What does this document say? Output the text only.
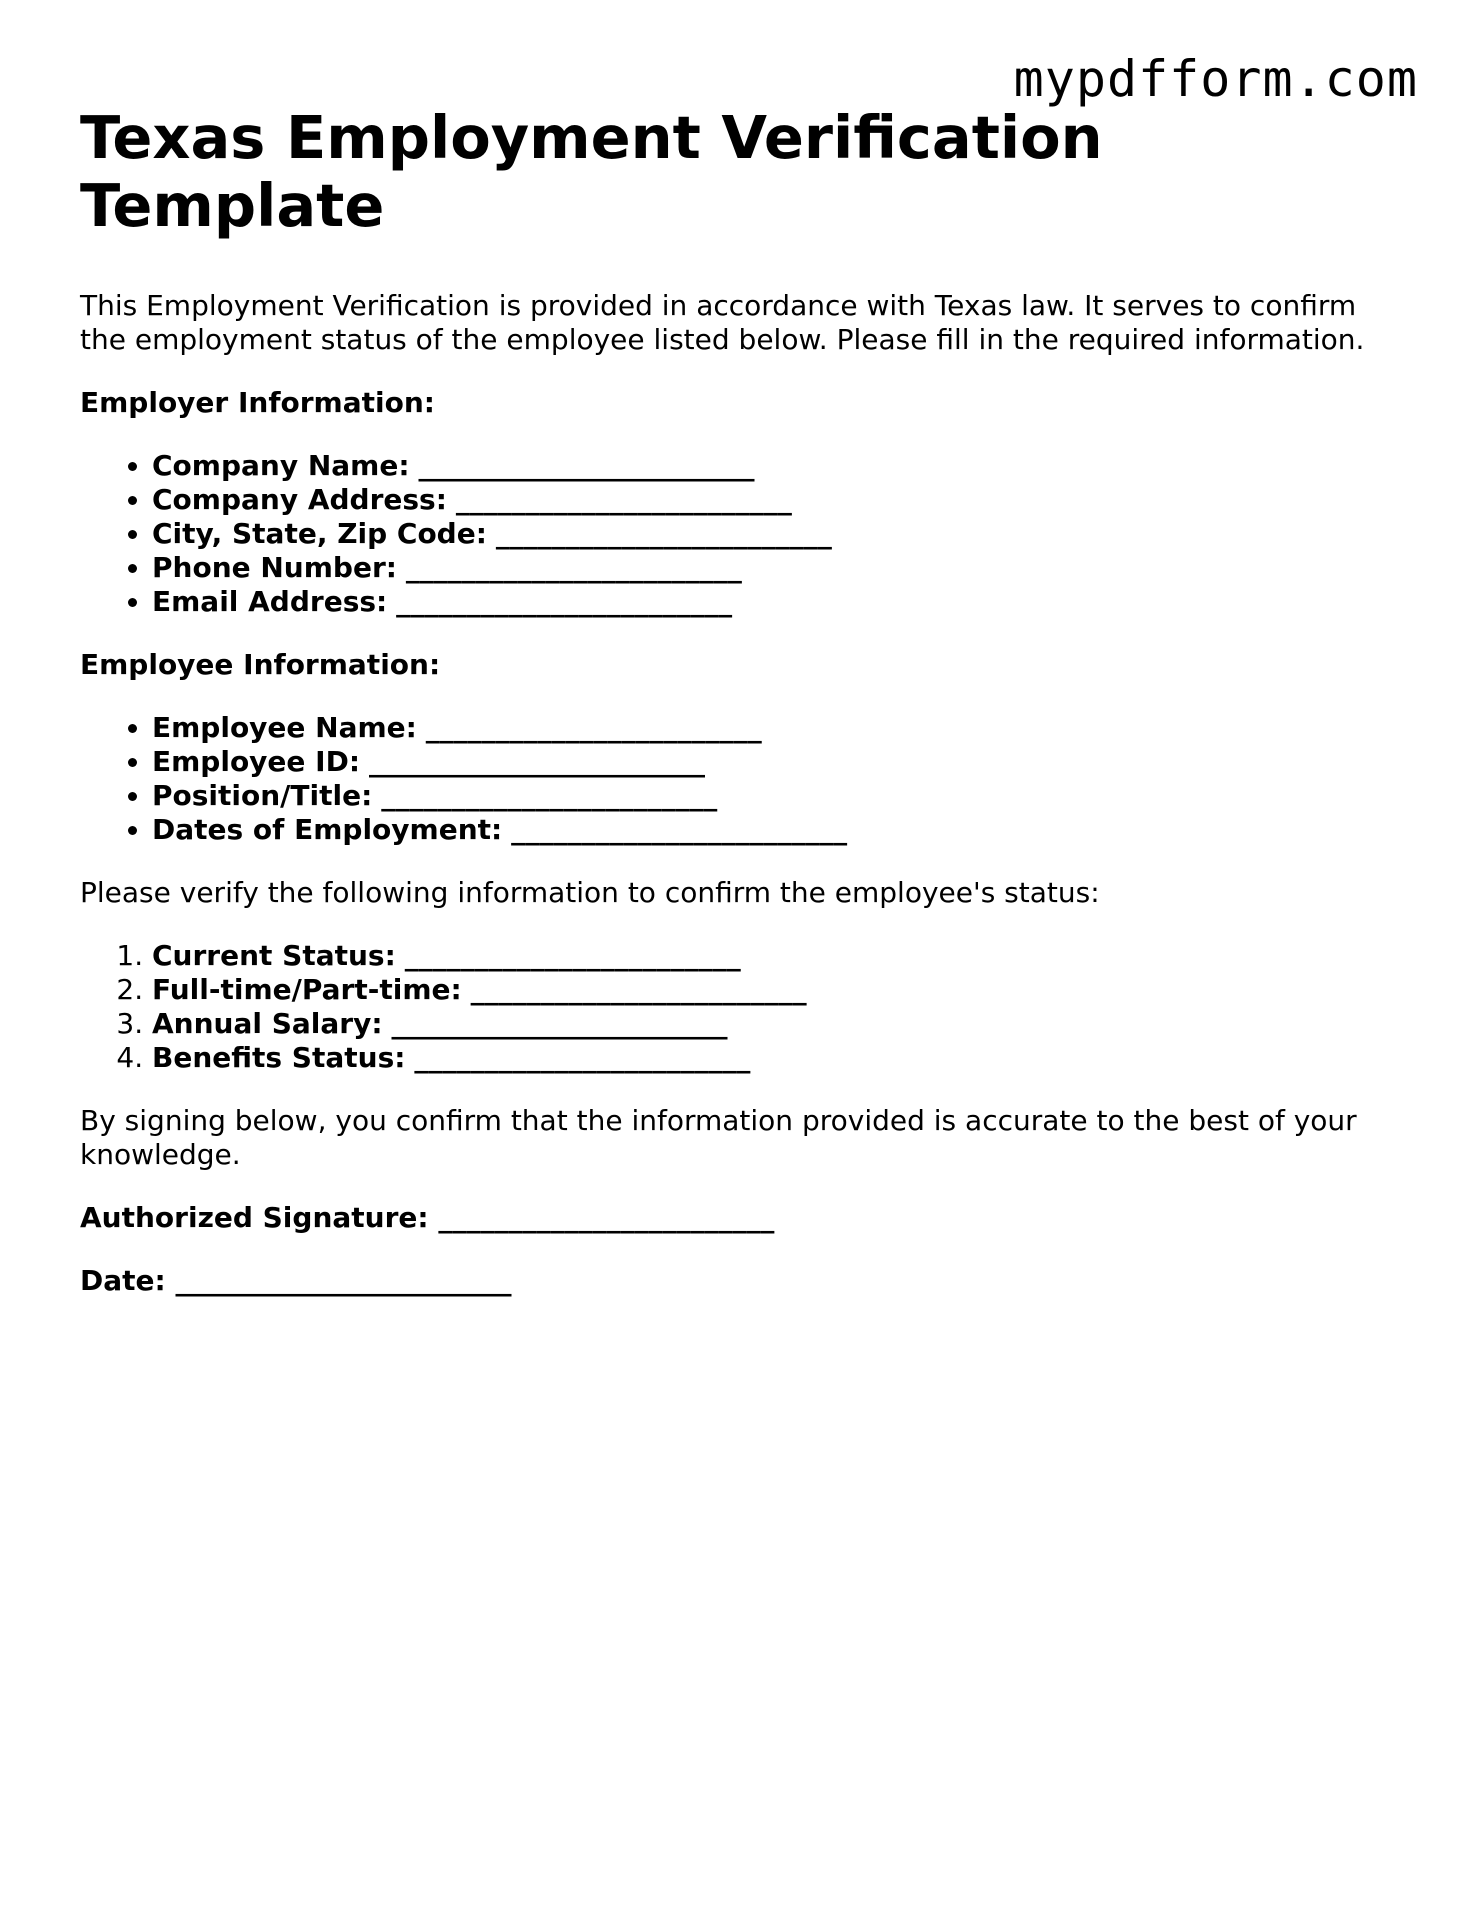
mypdfform.com
Texas Employment Verification
Template

This Employment Verification is provided in accordance with Texas law. It serves to confirm the employment status of the employee listed below. Please fill in the required information.

Employer Information:

• Company Name: ________________________
• Company Address: ________________________
• City, State, Zip Code: ________________________
• Phone Number: ________________________
• Email Address: ________________________

Employee Information:

• Employee Name: ________________________
• Employee ID: ________________________
• Position/Title: ________________________
• Dates of Employment: ________________________

Please verify the following information to confirm the employee's status:

1. Current Status: ________________________
2. Full-time/Part-time: ________________________
3. Annual Salary: ________________________
4. Benefits Status: ________________________

By signing below, you confirm that the information provided is accurate to the best of your knowledge.

Authorized Signature: ________________________

Date: ________________________
